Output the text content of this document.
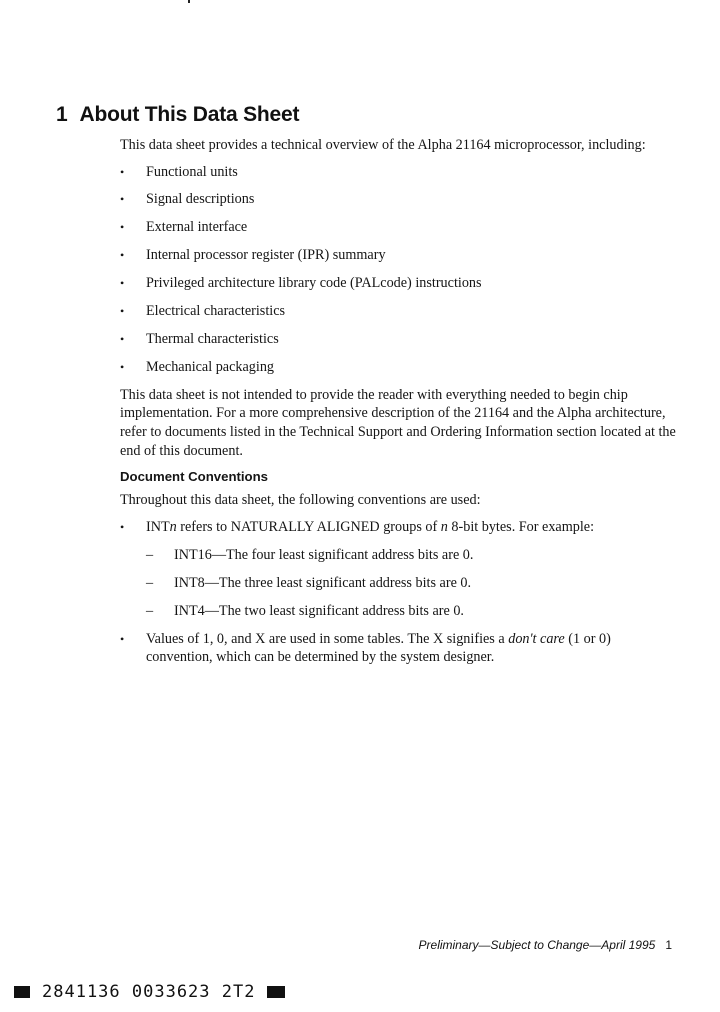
1 About This Data Sheet

This data sheet provides a technical overview of the Alpha 21164 microprocessor, including:

• Functional units
• Signal descriptions
• External interface
• Internal processor register (IPR) summary
• Privileged architecture library code (PALcode) instructions
• Electrical characteristics
• Thermal characteristics
• Mechanical packaging

This data sheet is not intended to provide the reader with everything needed to begin chip implementation. For a more comprehensive description of the 21164 and the Alpha architecture, refer to documents listed in the Technical Support and Ordering Information section located at the end of this document.

Document Conventions

Throughout this data sheet, the following conventions are used:

• INTn refers to NATURALLY ALIGNED groups of n 8-bit bytes. For example:
– INT16—The four least significant address bits are 0.
– INT8—The three least significant address bits are 0.
– INT4—The two least significant address bits are 0.
• Values of 1, 0, and X are used in some tables. The X signifies a don't care (1 or 0) convention, which can be determined by the system designer.
Preliminary—Subject to Change—April 1995 1
2841136 0033623 2T2
